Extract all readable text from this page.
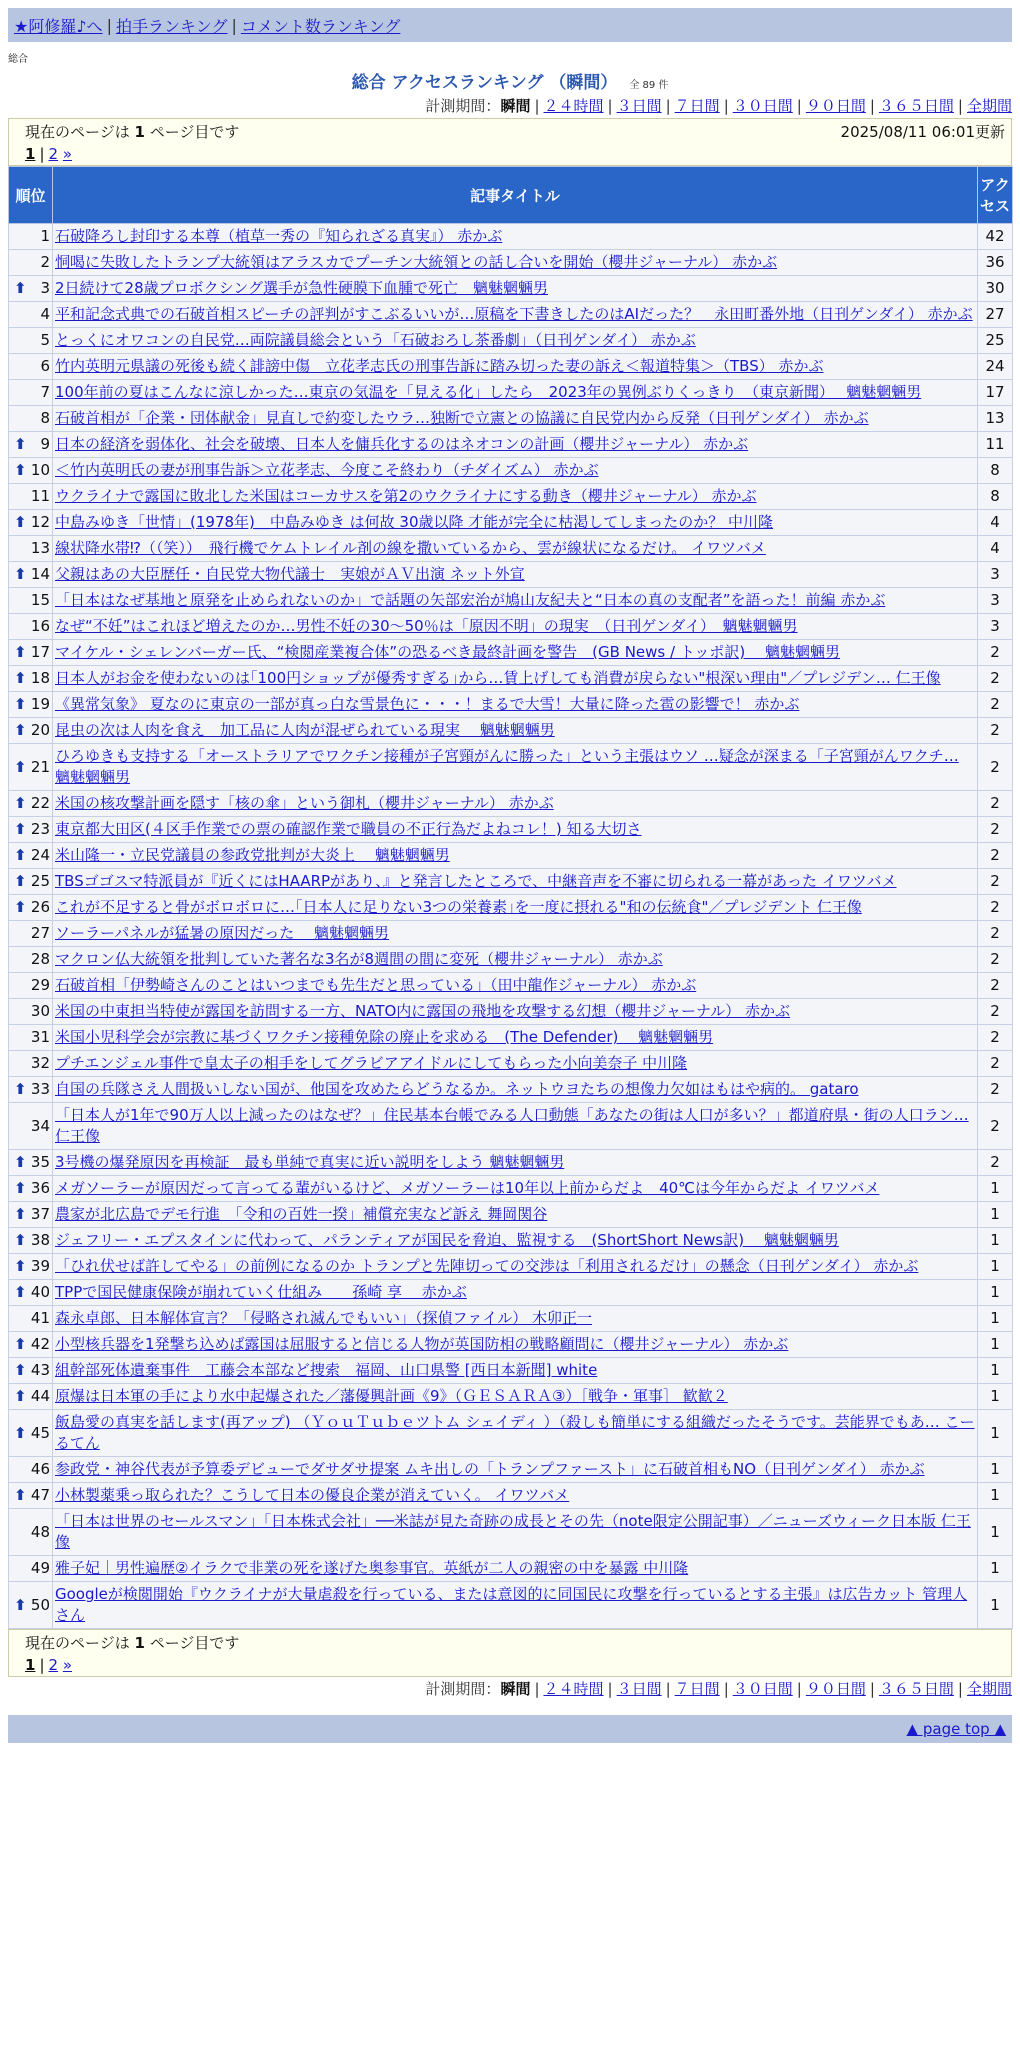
★阿修羅♪へ | 拍手ランキング | コメント数ランキング
総合
総合 アクセスランキング （瞬間） 全 89 件
計測期間：瞬間 | ２４時間 | ３日間 | ７日間 | ３０日間 | ９０日間 | ３６５日間 | 全期間
現在のページは 1 ページ目です	2025/08/11 06:01更新
1 | 2 »
順位	記事タイトル	アクセス
1	石破降ろし封印する本尊（植草一秀の『知られざる真実』） 赤かぶ	42
2	恫喝に失敗したトランプ大統領はアラスカでプーチン大統領との話し合いを開始（櫻井ジャーナル） 赤かぶ	36

⬆ 3	2日続けて28歳プロボクシング選手が急性硬膜下血腫で死亡　魑魅魍魎男	30
4	平和記念式典での石破首相スピーチの評判がすこぶるいいが…原稿を下書きしたのはAIだった？　永田町番外地（日刊ゲンダイ） 赤かぶ	27
5	とっくにオワコンの自民党…両院議員総会という「石破おろし茶番劇」（日刊ゲンダイ） 赤かぶ	25
6	竹内英明元県議の死後も続く誹謗中傷　立花孝志氏の刑事告訴に踏み切った妻の訴え＜報道特集＞（TBS） 赤かぶ	24
7	100年前の夏はこんなに涼しかった…東京の気温を「見える化」したら　2023年の異例ぶりくっきり　（東京新聞）　 魑魅魍魎男	17
8	石破首相が「企業・団体献金」見直しで約変したウラ…独断で立憲との協議に自民党内から反発（日刊ゲンダイ） 赤かぶ	13

⬆ 9	日本の経済を弱体化、社会を破壊、日本人を傭兵化するのはネオコンの計画（櫻井ジャーナル） 赤かぶ	11

⬆ 10	＜竹内英明氏の妻が刑事告訴＞立花孝志、今度こそ終わり（チダイズム） 赤かぶ	8
11	ウクライナで露国に敗北した米国はコーカサスを第2のウクライナにする動き（櫻井ジャーナル） 赤かぶ	8

⬆ 12	中島みゆき「世情」(1978年)＿中島みゆき は何故 30歳以降 才能が完全に枯渇してしまったのか？ 中川隆	4
13	線状降水帯⁉（（笑））　飛行機でケムトレイル剤の線を撒いているから、雲が線状になるだけ。 イワツバメ	4

⬆ 14	父親はあの大臣歴任・自民党大物代議士　実娘がＡＶ出演 ネット外宣	3
15	「日本はなぜ基地と原発を止められないのか」で話題の矢部宏治が鳩山友紀夫と“日本の真の支配者”を語った！前編 赤かぶ	3
16	なぜ“不妊”はこれほど増えたのか…男性不妊の30〜50％は「原因不明」の現実　（日刊ゲンダイ）　魑魅魍魎男	3

⬆ 17	マイケル・シェレンバーガー氏、“検閲産業複合体”の恐るべき最終計画を警告　(GB News / トッポ訳)　 魑魅魍魎男	2

⬆ 18	日本人がお金を使わないのは｢100円ショップが優秀すぎる｣から…賃上げしても消費が戻らない"根深い理由"／プレジデン… 仁王像	2

⬆ 19	《異常気象》 夏なのに東京の一部が真っ白な雪景色に・・・！まるで大雪！大量に降った雹の影響で！ 赤かぶ	2

⬆ 20	昆虫の次は人肉を食え　加工品に人肉が混ぜられている現実　 魑魅魍魎男	2

⬆ 21	ひろゆきも支持する「オーストラリアでワクチン接種が子宮頸がんに勝った」という主張はウソ …疑念が深まる「子宮頸がんワクチ… 魑魅魍魎男	2

⬆ 22	米国の核攻撃計画を隠す「核の傘」という御札（櫻井ジャーナル） 赤かぶ	2

⬆ 23	東京都大田区(４区手作業での票の確認作業で職員の不正行為だよねコレ！) 知る大切さ	2

⬆ 24	米山隆一・立民党議員の参政党批判が大炎上　 魑魅魍魎男	2

⬆ 25	TBSゴゴスマ特派員が『近くにはHAARPがあり、』と発言したところで、中継音声を不審に切られる一幕があった イワツバメ	2

⬆ 26	これが不足すると骨がボロボロに…｢日本人に足りない3つの栄養素｣を一度に摂れる"和の伝統食"／プレジデント 仁王像	2
27	ソーラーパネルが猛暑の原因だった　 魑魅魍魎男	2
28	マクロン仏大統領を批判していた著名な3名が8週間の間に変死（櫻井ジャーナル） 赤かぶ	2
29	石破首相「伊勢崎さんのことはいつまでも先生だと思っている」（田中龍作ジャーナル） 赤かぶ	2
30	米国の中東担当特使が露国を訪問する一方、NATO内に露国の飛地を攻撃する幻想（櫻井ジャーナル） 赤かぶ	2
31	米国小児科学会が宗教に基づくワクチン接種免除の廃止を求める　(The Defender)　 魑魅魍魎男	2
32	プチエンジェル事件で皇太子の相手をしてグラビアアイドルにしてもらった小向美奈子 中川隆	2

⬆ 33	自国の兵隊さえ人間扱いしない国が、他国を攻めたらどうなるか。ネットウヨたちの想像力欠如はもはや病的。 gataro	2
34	「日本人が1年で90万人以上減ったのはなぜ？」住民基本台帳でみる人口動態「あなたの街は人口が多い？」都道府県・街の人口ラン… 仁王像	2

⬆ 35	3号機の爆発原因を再検証　最も単純で真実に近い説明をしよう 魑魅魍魎男	2

⬆ 36	メガソーラーが原因だって言ってる輩がいるけど、メガソーラーは10年以上前からだよ　40℃は今年からだよ イワツバメ	1

⬆ 37	農家が北広島でデモ行進　「令和の百姓一揆」補償充実など訴え 舞岡関谷	1

⬆ 38	ジェフリー・エプスタインに代わって、パランティアが国民を脅迫、監視する　(ShortShort News訳)　 魑魅魍魎男	1

⬆ 39	「ひれ伏せば許してやる」の前例になるのか トランプと先陣切っての交渉は「利用されるだけ」の懸念（日刊ゲンダイ） 赤かぶ	1

⬆ 40	TPPで国民健康保険が崩れていく仕組み　　孫崎 享　 赤かぶ	1
41	森永卓郎、日本解体宣言？「侵略され滅んでもいい」（探偵ファイル） 木卯正一	1

⬆ 42	小型核兵器を1発撃ち込めば露国は屈服すると信じる人物が英国防相の戦略顧問に（櫻井ジャーナル） 赤かぶ	1

⬆ 43	組幹部死体遺棄事件　工藤会本部など捜索　福岡、山口県警 [西日本新聞] white	1

⬆ 44	原爆は日本軍の手により水中起爆された／藩優興計画《9》（ＧＥＳＡＲＡ③）［戦争・軍事］ 歓歓２	1

⬆ 45	飯島愛の真実を話します(再アップ) （ＹｏｕＴｕｂｅツトム シェイディ ）（殺しも簡単にする組織だったそうです。芸能界でもあ… こーるてん	1
46	参政党・神谷代表が予算委デビューでダサダサ提案 ムキ出しの「トランプファースト」に石破首相もNO（日刊ゲンダイ） 赤かぶ	1

⬆ 47	小林製薬乗っ取られた？こうして日本の優良企業が消えていく。 イワツバメ	1
48	「日本は世界のセールスマン」「日本株式会社」──米誌が見た奇跡の成長とその先（note限定公開記事）／ニューズウィーク日本版 仁王像	1
49	雅子妃｜男性遍歴②イラクで非業の死を遂げた奥参事官。英紙が二人の親密の中を暴露 中川隆	1

⬆ 50	Googleが検閲開始『ウクライナが大量虐殺を行っている、または意図的に同国民に攻撃を行っているとする主張』は広告カット 管理人さん	1
現在のページは 1 ページ目です
1 | 2 »
計測期間：瞬間 | ２４時間 | ３日間 | ７日間 | ３０日間 | ９０日間 | ３６５日間 | 全期間
▲ page top ▲
